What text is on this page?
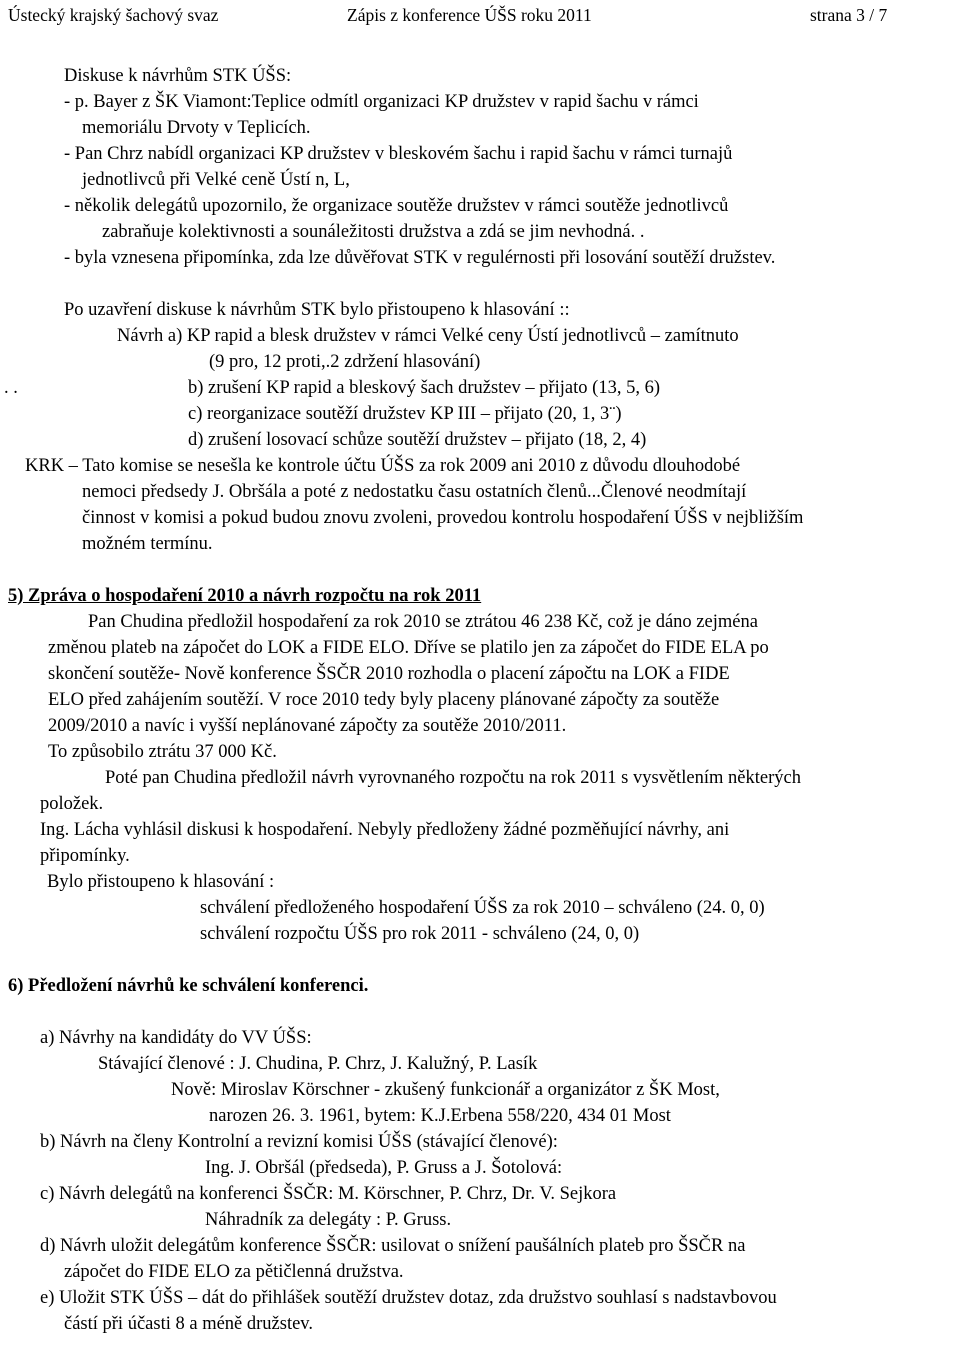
Ústecký krajský šachový svaz	Zápis z konference ÚŠS roku 2011	strana 3 / 7
Diskuse k návrhům STK ÚŠS:
- p. Bayer z ŠK Viamont:Teplice odmítl organizaci KP družstev v rapid šachu v rámci
memoriálu Drvoty v Teplicích.
- Pan Chrz nabídl organizaci KP družstev v bleskovém šachu i rapid šachu v rámci turnajů
jednotlivců při Velké ceně Ústí n, L,
- několik delegátů upozornilo, že organizace soutěže družstev v rámci soutěže jednotlivců
zabraňuje kolektivnosti a sounáležitosti družstva a zdá se jim nevhodná. .
- byla vznesena připomínka, zda lze důvěřovat STK v regulérnosti při losování soutěží družstev.
Po uzavření diskuse k návrhům STK bylo přistoupeno k hlasování ::
Návrh a) KP rapid a blesk družstev v rámci Velké ceny Ústí jednotlivců – zamítnuto
(9 pro, 12 proti,.2 zdržení hlasování)
. .	b) zrušení KP rapid a bleskový šach družstev – přijato (13, 5, 6)
c) reorganizace soutěží družstev KP III – přijato (20, 1, 3¨)
d) zrušení losovací schůze soutěží družstev – přijato (18, 2, 4)
KRK – Tato komise se nesešla ke kontrole účtu ÚŠS za rok 2009 ani 2010 z důvodu dlouhodobé
nemoci předsedy J. Obršála a poté z nedostatku času ostatních členů...Členové neodmítají
činnost v komisi a pokud budou znovu zvoleni, provedou kontrolu hospodaření ÚŠS v nejbližším
možném termínu.
5) Zpráva o hospodaření 2010 a návrh rozpočtu na rok 2011
Pan Chudina předložil hospodaření za rok 2010 se ztrátou 46 238 Kč, což je dáno zejména
změnou plateb na zápočet do LOK a FIDE ELO. Dříve se platilo jen za zápočet do FIDE ELA po
skončení soutěže- Nově konference ŠSČR 2010 rozhodla o placení zápočtu na LOK a FIDE
ELO před zahájením soutěží. V roce 2010 tedy byly placeny plánované zápočty za soutěže
2009/2010 a navíc i vyšší neplánované zápočty za soutěže 2010/2011.
To způsobilo ztrátu 37 000 Kč.
Poté pan Chudina předložil návrh vyrovnaného rozpočtu na rok 2011 s vysvětlením některých
položek.
Ing. Lácha vyhlásil diskusi k hospodaření. Nebyly předloženy žádné pozměňující návrhy, ani
připomínky.
Bylo přistoupeno k hlasování :
schválení předloženého hospodaření ÚŠS za rok 2010 – schváleno (24. 0, 0)
schválení rozpočtu ÚŠS pro rok 2011 - schváleno (24, 0, 0)
6) Předložení návrhů ke schválení konferenci.
a) Návrhy na kandidáty do VV ÚŠS:
Stávající členové : J. Chudina, P. Chrz, J. Kalužný, P. Lasík
Nově: Miroslav Körschner - zkušený funkcionář a organizátor z ŠK Most,
narozen 26. 3. 1961, bytem: K.J.Erbena 558/220, 434 01 Most
b) Návrh na členy Kontrolní a revizní komisi ÚŠS (stávající členové):
Ing. J. Obršál (předseda), P. Gruss a J. Šotolová:
c) Návrh delegátů na konferenci ŠSČR: M. Körschner, P. Chrz, Dr. V. Sejkora
Náhradník za delegáty : P. Gruss.
d) Návrh uložit delegátům konference ŠSČR: usilovat o snížení paušálních plateb pro ŠSČR na
zápočet do FIDE ELO za pětičlenná družstva.
e) Uložit STK ÚŠS – dát do přihlášek soutěží družstev dotaz, zda družstvo souhlasí s nadstavbovou
částí při účasti 8 a méně družstev.
